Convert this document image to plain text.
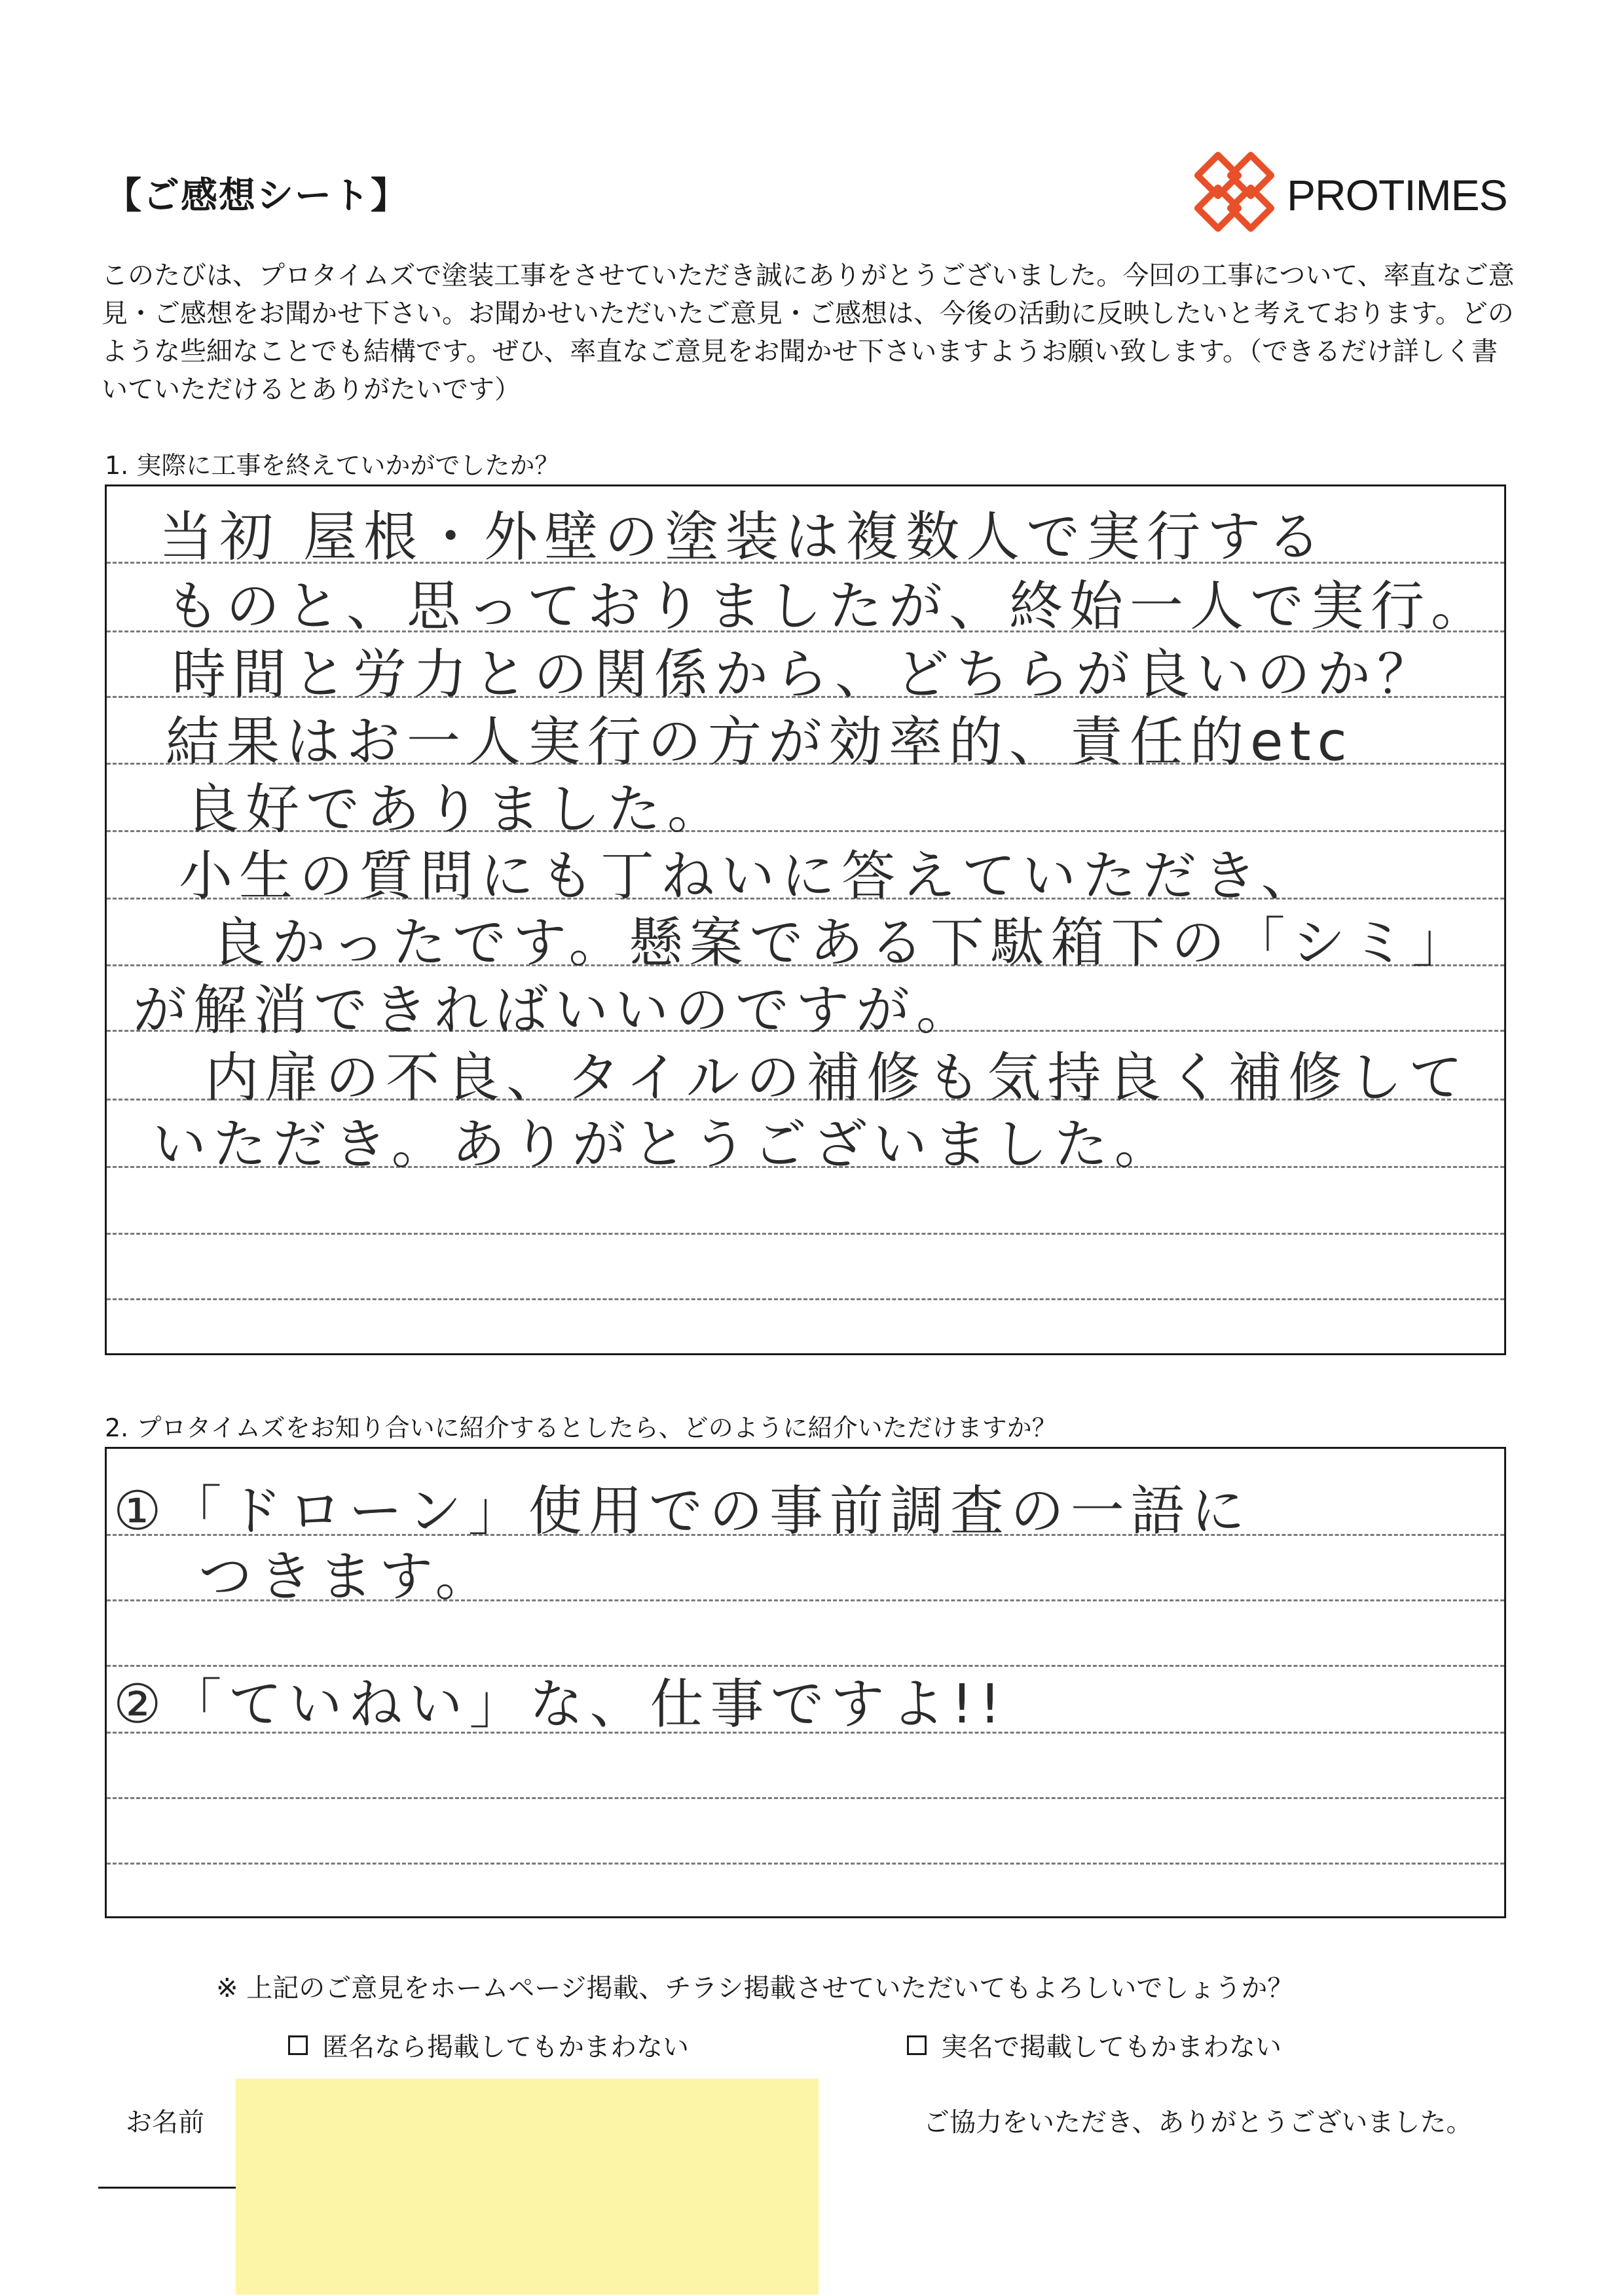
【ご感想シート】	PROTIMES
このたびは、プロタイムズで塗装工事をさせていただき誠にありがとうございました。今回の工事について、率直なご意見・ご感想をお聞かせ下さい。お聞かせいただいたご意見・ご感想は、今後の活動に反映したいと考えております。どのような些細なことでも結構です。ぜひ、率直なご意見をお聞かせ下さいますようお願い致します。（できるだけ詳しく書いていただけるとありがたいです）
1. 実際に工事を終えていかがでしたか？
当初 屋根・外壁の塗装は複数人で実行する
ものと、思っておりましたが、終始一人で実行。
時間と労力との関係から、どちらが良いのか？
結果はお一人実行の方が効率的、責任的etc
良好でありました。
小生の質問にも丁ねいに答えていただき、
良かったです。懸案である下駄箱下の「シミ」
が解消できればいいのですが。
内扉の不良、タイルの補修も気持良く補修して
いただき。ありがとうございました。
2. プロタイムズをお知り合いに紹介するとしたら、どのように紹介いただけますか？
①「ドローン」使用での事前調査の一語に
つきます。
②「ていねい」な、仕事ですよ!!
※ 上記のご意見をホームページ掲載、チラシ掲載させていただいてもよろしいでしょうか？
匿名なら掲載してもかまわない	実名で掲載してもかまわない
お名前	ご協力をいただき、ありがとうございました。
